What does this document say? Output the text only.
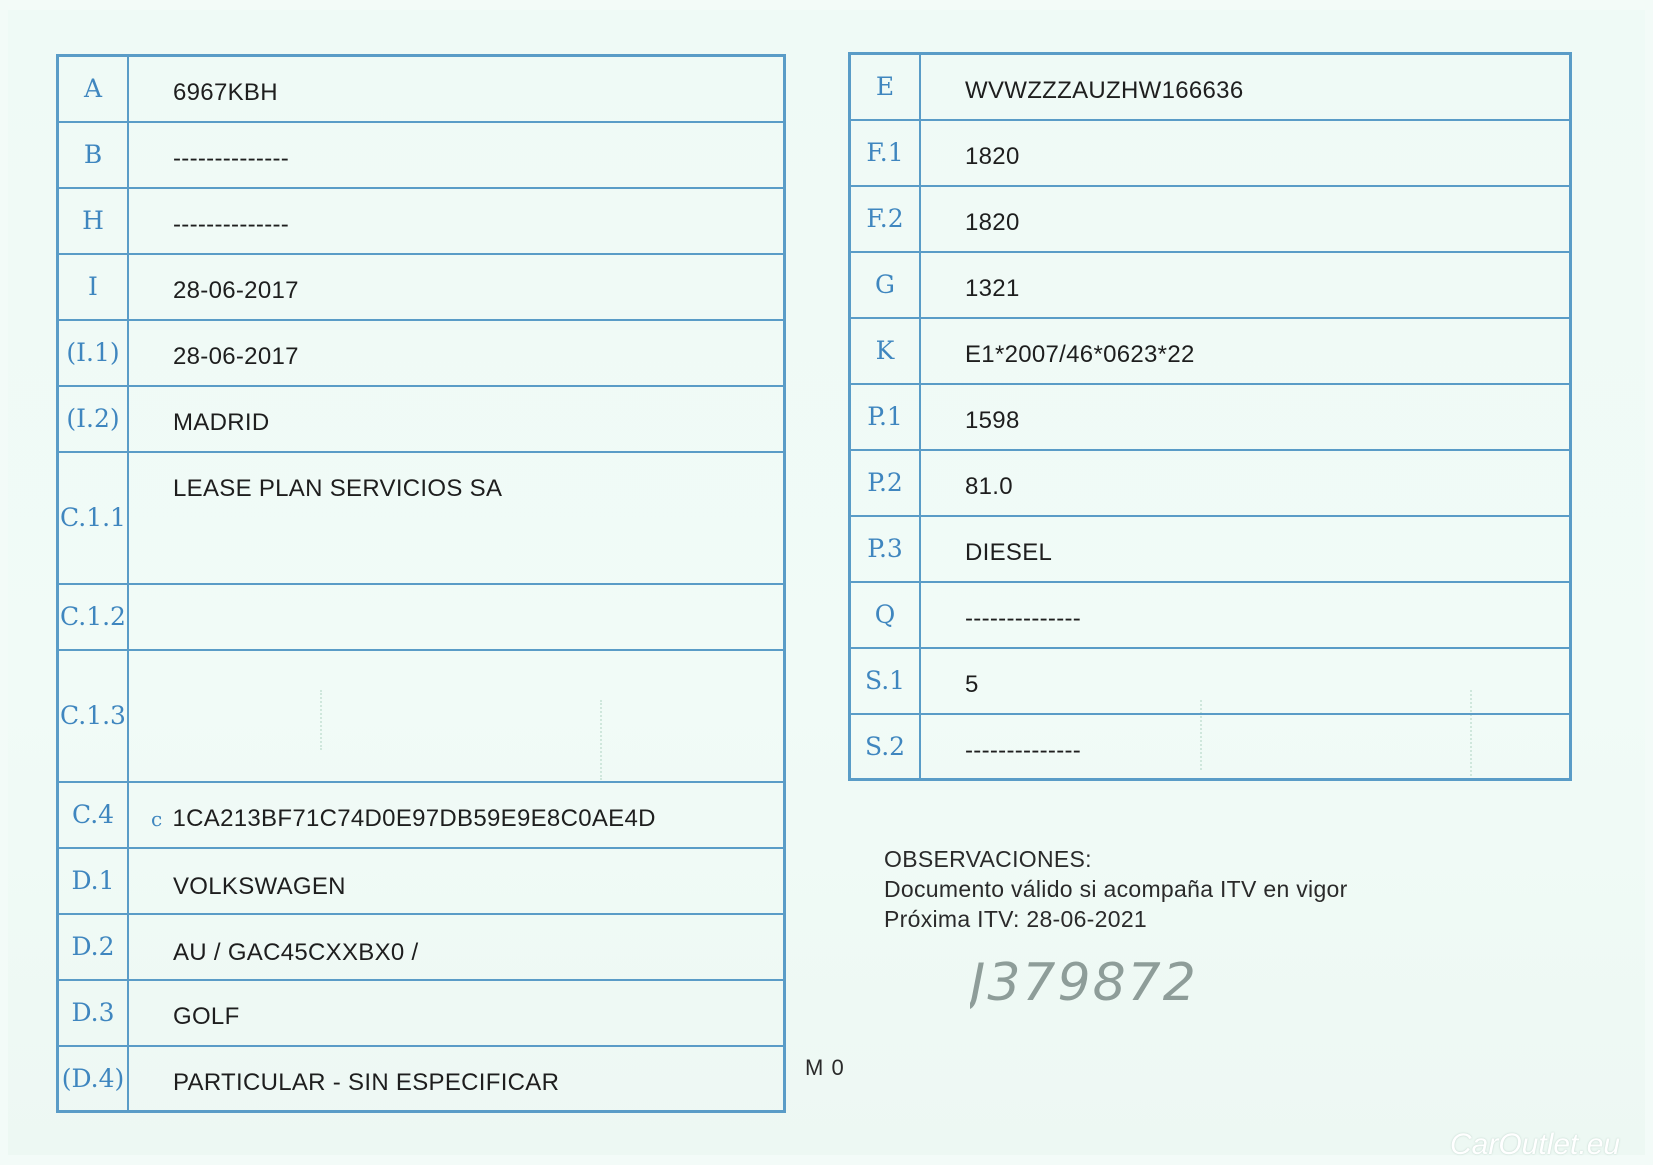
A	6967KBH
B	--------------
H	--------------
I	28-06-2017
(I.1)	28-06-2017
(I.2)	MADRID
C.1.1	LEASE PLAN SERVICIOS SA
C.1.2	
C.1.3	
C.4	c 1CA213BF71C74D0E97DB59E9E8C0AE4D
D.1	VOLKSWAGEN
D.2	AU / GAC45CXXBX0 /
D.3	GOLF
(D.4)	PARTICULAR - SIN ESPECIFICAR
E	WVWZZZAUZHW166636
F.1	1820
F.2	1820
G	1321
K	E1*2007/46*0623*22
P.1	1598
P.2	81.0
P.3	DIESEL
Q	--------------
S.1	5
S.2	--------------
OBSERVACIONES:
Documento válido si acompaña ITV en vigor
Próxima ITV: 28-06-2021
J379872
M 0
CarOutlet.eu
